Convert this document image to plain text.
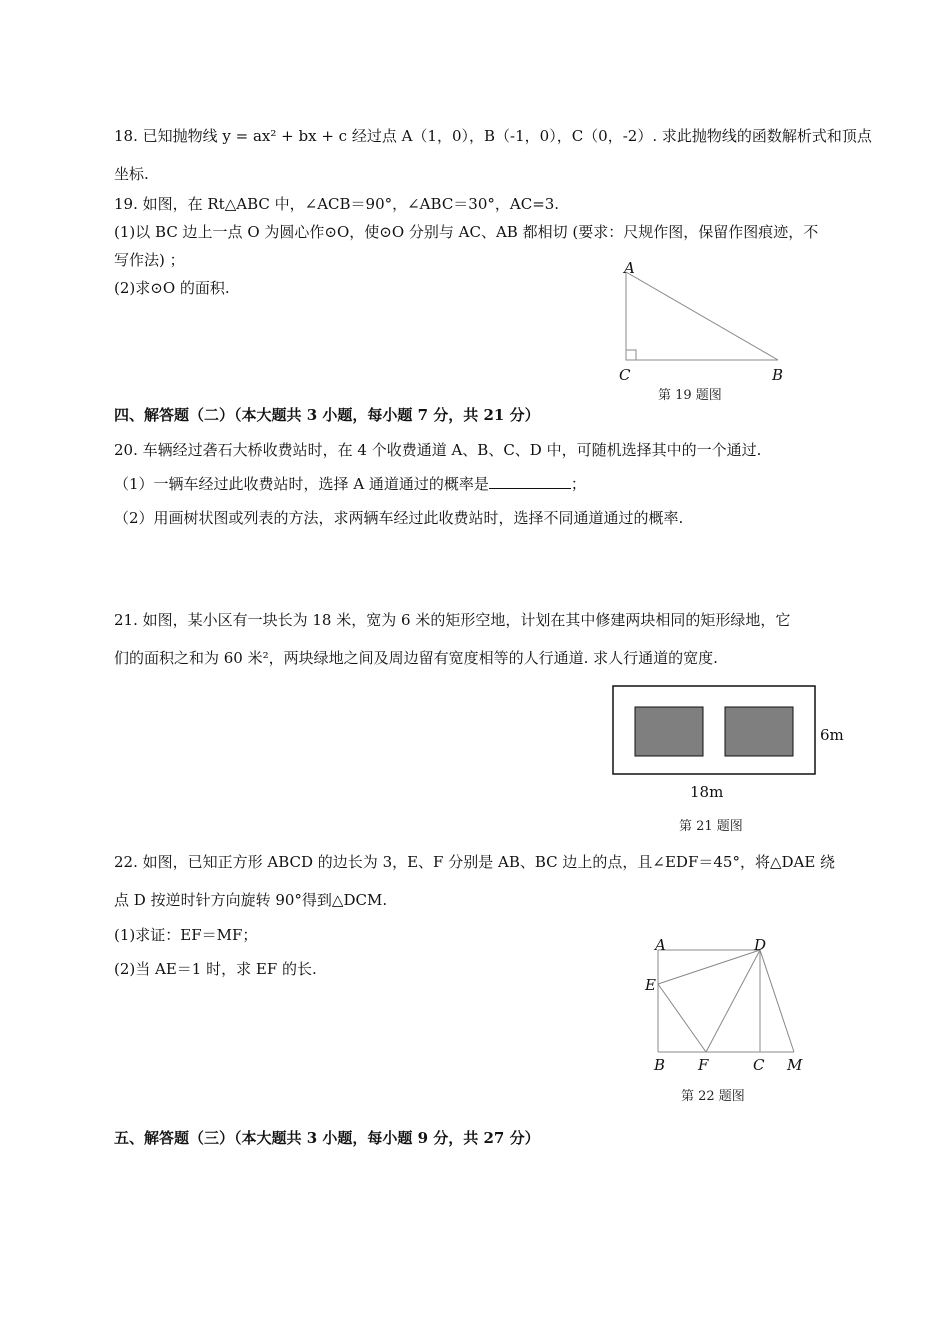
18. 已知抛物线 y = ax² + bx + c 经过点 A（1，0），B（-1，0），C（0，-2）. 求此抛物线的函数解析式和顶点
坐标.
19. 如图，在 Rt△ABC 中，∠ACB＝90°，∠ABC＝30°，AC=3.
(1)以 BC 边上一点 O 为圆心作⊙O，使⊙O 分别与 AC、AB 都相切 (要求：尺规作图，保留作图痕迹，不
写作法) ；
(2)求⊙O 的面积.
A
C	B
第 19 题图
四、解答题（二）（本大题共 3 小题，每小题 7 分，共 21 分）
20. 车辆经过砻石大桥收费站时，在 4 个收费通道 A、B、C、D 中，可随机选择其中的一个通过.
（1）一辆车经过此收费站时，选择 A 通道通过的概率是	；
（2）用画树状图或列表的方法，求两辆车经过此收费站时，选择不同通道通过的概率.
21. 如图，某小区有一块长为 18 米，宽为 6 米的矩形空地，计划在其中修建两块相同的矩形绿地，它
们的面积之和为 60 米²，两块绿地之间及周边留有宽度相等的人行通道. 求人行通道的宽度.
6m
18m
第 21 题图
22. 如图，已知正方形 ABCD 的边长为 3，E、F 分别是 AB、BC 边上的点，且∠EDF＝45°，将△DAE 绕
点 D 按逆时针方向旋转 90°得到△DCM.
(1)求证：EF＝MF；
(2)当 AE＝1 时，求 EF 的长.
A	D
E
B F	C M
第 22 题图
五、解答题（三）（本大题共 3 小题，每小题 9 分，共 27 分）
